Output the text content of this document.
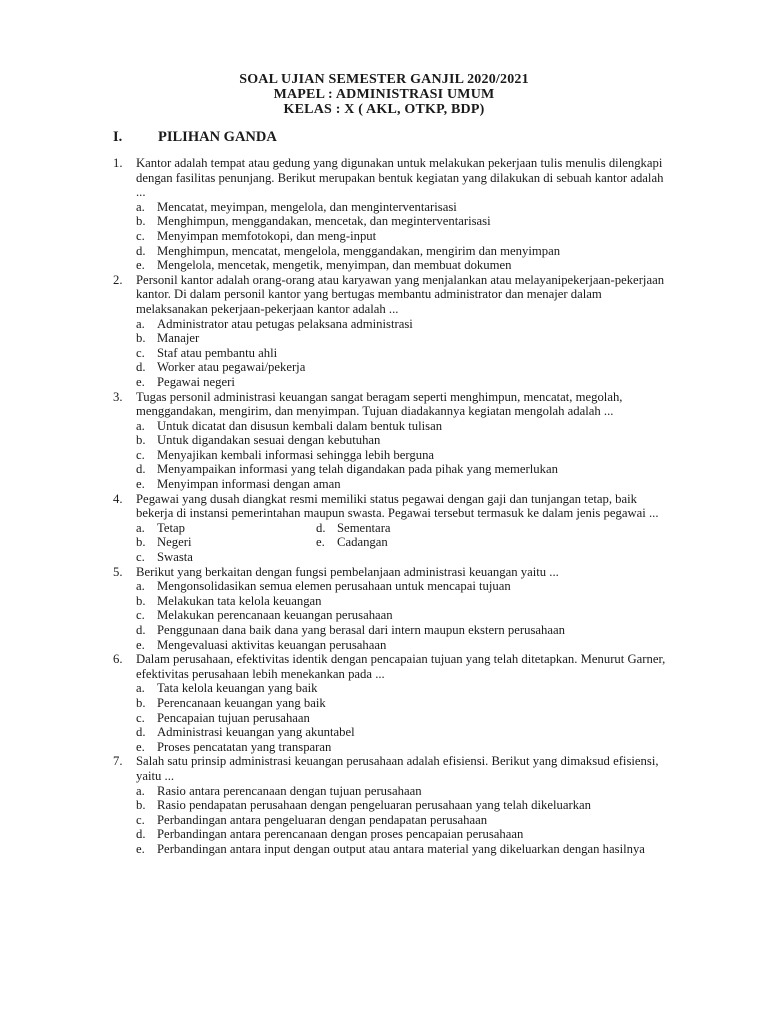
SOAL UJIAN SEMESTER GANJIL 2020/2021
MAPEL : ADMINISTRASI UMUM
KELAS : X ( AKL, OTKP, BDP)
I. PILIHAN GANDA
1. Kantor adalah tempat atau gedung yang digunakan untuk melakukan pekerjaan tulis menulis dilengkapi dengan fasilitas penunjang. Berikut merupakan bentuk kegiatan yang dilakukan di sebuah kantor adalah ...
a. Mencatat, meyimpan, mengelola, dan menginterventarisasi
b. Menghimpun, menggandakan, mencetak, dan meginterventarisasi
c. Menyimpan memfotokopi, dan meng-input
d. Menghimpun, mencatat, mengelola, menggandakan, mengirim dan menyimpan
e. Mengelola, mencetak, mengetik, menyimpan, dan membuat dokumen
2. Personil kantor adalah orang-orang atau karyawan yang menjalankan atau melayanipekerjaan-pekerjaan kantor. Di dalam personil kantor yang bertugas membantu administrator dan menajer dalam melaksanakan pekerjaan-pekerjaan kantor adalah ...
a. Administrator atau petugas pelaksana administrasi
b. Manajer
c. Staf atau pembantu ahli
d. Worker atau pegawai/pekerja
e. Pegawai negeri
3. Tugas personil administrasi keuangan sangat beragam seperti menghimpun, mencatat, megolah, menggandakan, mengirim, dan menyimpan. Tujuan diadakannya kegiatan mengolah adalah ...
a. Untuk dicatat dan disusun kembali dalam bentuk tulisan
b. Untuk digandakan sesuai dengan kebutuhan
c. Menyajikan kembali informasi sehingga lebih berguna
d. Menyampaikan informasi yang telah digandakan pada pihak yang memerlukan
e. Menyimpan informasi dengan aman
4. Pegawai yang dusah diangkat resmi memiliki status pegawai dengan gaji dan tunjangan tetap, baik bekerja di instansi pemerintahan maupun swasta. Pegawai tersebut termasuk ke dalam jenis pegawai ...
a. Tetap	d. Sementara
b. Negeri	e. Cadangan
c. Swasta
5. Berikut yang berkaitan dengan fungsi pembelanjaan administrasi keuangan yaitu ...
a. Mengonsolidasikan semua elemen perusahaan untuk mencapai tujuan
b. Melakukan tata kelola keuangan
c. Melakukan perencanaan keuangan perusahaan
d. Penggunaan dana baik dana yang berasal dari intern maupun ekstern perusahaan
e. Mengevaluasi aktivitas keuangan perusahaan
6. Dalam perusahaan, efektivitas identik dengan pencapaian tujuan yang telah ditetapkan. Menurut Garner, efektivitas perusahaan lebih menekankan pada ...
a. Tata kelola keuangan yang baik
b. Perencanaan keuangan yang baik
c. Pencapaian tujuan perusahaan
d. Administrasi keuangan yang akuntabel
e. Proses pencatatan yang transparan
7. Salah satu prinsip administrasi keuangan perusahaan adalah efisiensi. Berikut yang dimaksud efisiensi, yaitu ...
a. Rasio antara perencanaan dengan tujuan perusahaan
b. Rasio pendapatan perusahaan dengan pengeluaran perusahaan yang telah dikeluarkan
c. Perbandingan antara pengeluaran dengan pendapatan perusahaan
d. Perbandingan antara perencanaan dengan proses pencapaian perusahaan
e. Perbandingan antara input dengan output atau antara material yang dikeluarkan dengan hasilnya
